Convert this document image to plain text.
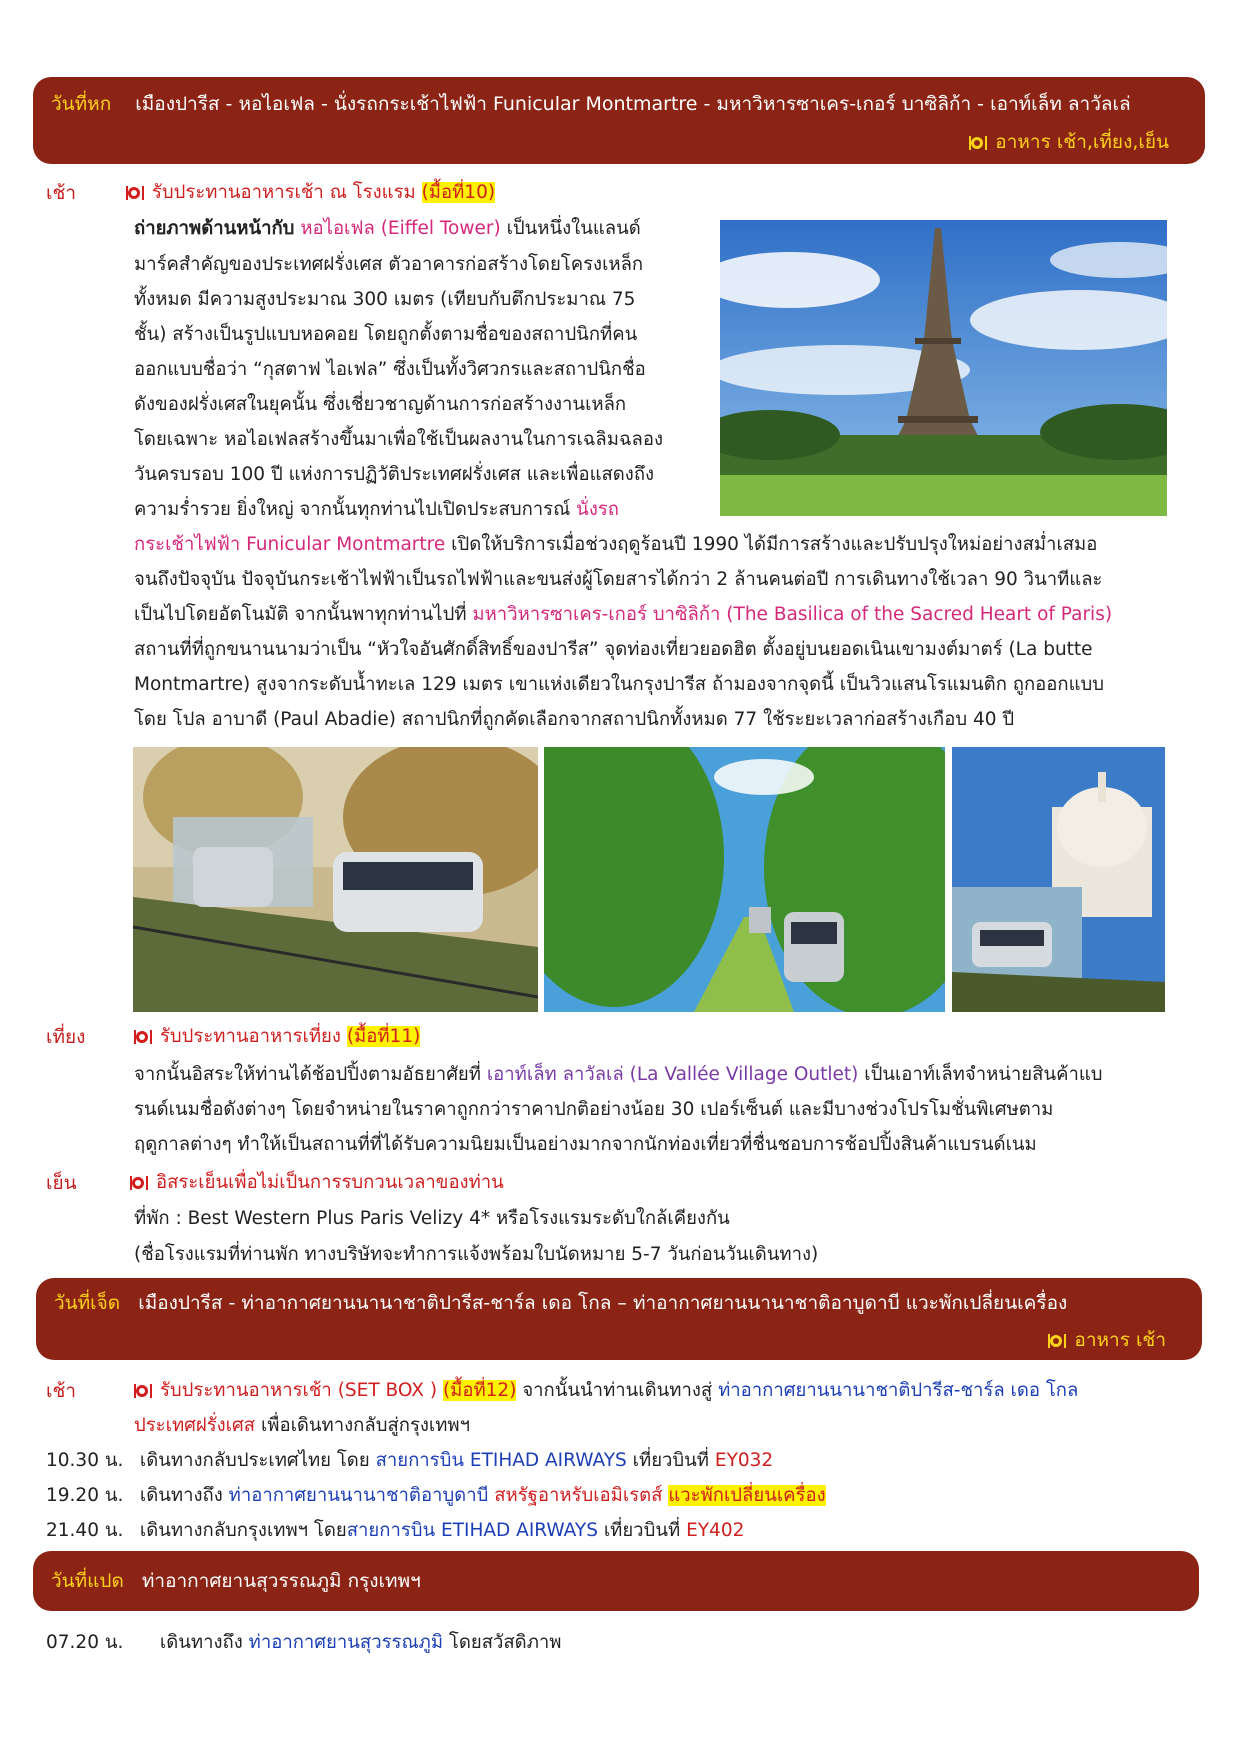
วันที่หก เมืองปารีส - หอไอเฟล - นั่งรถกระเช้าไฟฟ้า Funicular Montmartre - มหาวิหารซาเคร-เกอร์ บาซิลิก้า - เอาท์เล็ท ลาวัลเล่
อาหาร เช้า,เที่ยง,เย็น
เช้า	รับประทานอาหารเช้า ณ โรงแรม (มื้อที่10)
ถ่ายภาพด้านหน้ากับ หอไอเฟล (Eiffel Tower) เป็นหนึ่งในแลนด์
มาร์คสำคัญของประเทศฝรั่งเศส ตัวอาคารก่อสร้างโดยโครงเหล็ก
ทั้งหมด มีความสูงประมาณ 300 เมตร (เทียบกับตึกประมาณ 75
ชั้น) สร้างเป็นรูปแบบหอคอย โดยถูกตั้งตามชื่อของสถาปนิกที่คน
ออกแบบชื่อว่า “กุสตาฟ ไอเฟล” ซึ่งเป็นทั้งวิศวกรและสถาปนิกชื่อ
ดังของฝรั่งเศสในยุคนั้น ซึ่งเชี่ยวชาญด้านการก่อสร้างงานเหล็ก
โดยเฉพาะ หอไอเฟลสร้างขึ้นมาเพื่อใช้เป็นผลงานในการเฉลิมฉลอง
วันครบรอบ 100 ปี แห่งการปฏิวัติประเทศฝรั่งเศส และเพื่อแสดงถึง
ความร่ำรวย ยิ่งใหญ่ จากนั้นทุกท่านไปเปิดประสบการณ์ นั่งรถ
กระเช้าไฟฟ้า Funicular Montmartre เปิดให้บริการเมื่อช่วงฤดูร้อนปี 1990 ได้มีการสร้างและปรับปรุงใหม่อย่างสม่ำเสมอ
จนถึงปัจจุบัน ปัจจุบันกระเช้าไฟฟ้าเป็นรถไฟฟ้าและขนส่งผู้โดยสารได้กว่า 2 ล้านคนต่อปี การเดินทางใช้เวลา 90 วินาทีและ
เป็นไปโดยอัตโนมัติ จากนั้นพาทุกท่านไปที่ มหาวิหารซาเคร-เกอร์ บาซิลิก้า (The Basilica of the Sacred Heart of Paris)
สถานที่ที่ถูกขนานนามว่าเป็น “หัวใจอันศักดิ์สิทธิ์ของปารีส” จุดท่องเที่ยวยอดฮิต ตั้งอยู่บนยอดเนินเขามงต์มาตร์ (La butte
Montmartre) สูงจากระดับน้ำทะเล 129 เมตร เขาแห่งเดียวในกรุงปารีส ถ้ามองจากจุดนี้ เป็นวิวแสนโรแมนติก ถูกออกแบบ
โดย โปล อาบาดี (Paul Abadie) สถาปนิกที่ถูกคัดเลือกจากสถาปนิกทั้งหมด 77 ใช้ระยะเวลาก่อสร้างเกือบ 40 ปี
เที่ยง	รับประทานอาหารเที่ยง (มื้อที่11)
จากนั้นอิสระให้ท่านได้ช้อปปิ้งตามอัธยาศัยที่ เอาท์เล็ท ลาวัลเล่ (La Vallée Village Outlet) เป็นเอาท์เล็ทจำหน่ายสินค้าแบ
รนด์เนมชื่อดังต่างๆ โดยจำหน่ายในราคาถูกกว่าราคาปกติอย่างน้อย 30 เปอร์เซ็นต์ และมีบางช่วงโปรโมชั่นพิเศษตาม
ฤดูกาลต่างๆ ทำให้เป็นสถานที่ที่ได้รับความนิยมเป็นอย่างมากจากนักท่องเที่ยวที่ชื่นชอบการช้อปปิ้งสินค้าแบรนด์เนม
เย็น	อิสระเย็นเพื่อไม่เป็นการรบกวนเวลาของท่าน
ที่พัก : Best Western Plus Paris Velizy 4* หรือโรงแรมระดับใกล้เคียงกัน
(ชื่อโรงแรมที่ท่านพัก ทางบริษัทจะทำการแจ้งพร้อมใบนัดหมาย 5-7 วันก่อนวันเดินทาง)
วันที่เจ็ด เมืองปารีส - ท่าอากาศยานนานาชาติปารีส-ชาร์ล เดอ โกล – ท่าอากาศยานนานาชาติอาบูดาบี แวะพักเปลี่ยนเครื่อง
อาหาร เช้า
เช้า	รับประทานอาหารเช้า (SET BOX ) (มื้อที่12) จากนั้นนำท่านเดินทางสู่ ท่าอากาศยานนานาชาติปารีส-ชาร์ล เดอ โกล
ประเทศฝรั่งเศส เพื่อเดินทางกลับสู่กรุงเทพฯ
10.30 น. เดินทางกลับประเทศไทย โดย สายการบิน ETIHAD AIRWAYS เที่ยวบินที่ EY032
19.20 น. เดินทางถึง ท่าอากาศยานนานาชาติอาบูดาบี สหรัฐอาหรับเอมิเรตส์ แวะพักเปลี่ยนเครื่อง
21.40 น. เดินทางกลับกรุงเทพฯ โดยสายการบิน ETIHAD AIRWAYS เที่ยวบินที่ EY402
วันที่แปด ท่าอากาศยานสุวรรณภูมิ กรุงเทพฯ
07.20 น. เดินทางถึง ท่าอากาศยานสุวรรณภูมิ โดยสวัสดิภาพ
